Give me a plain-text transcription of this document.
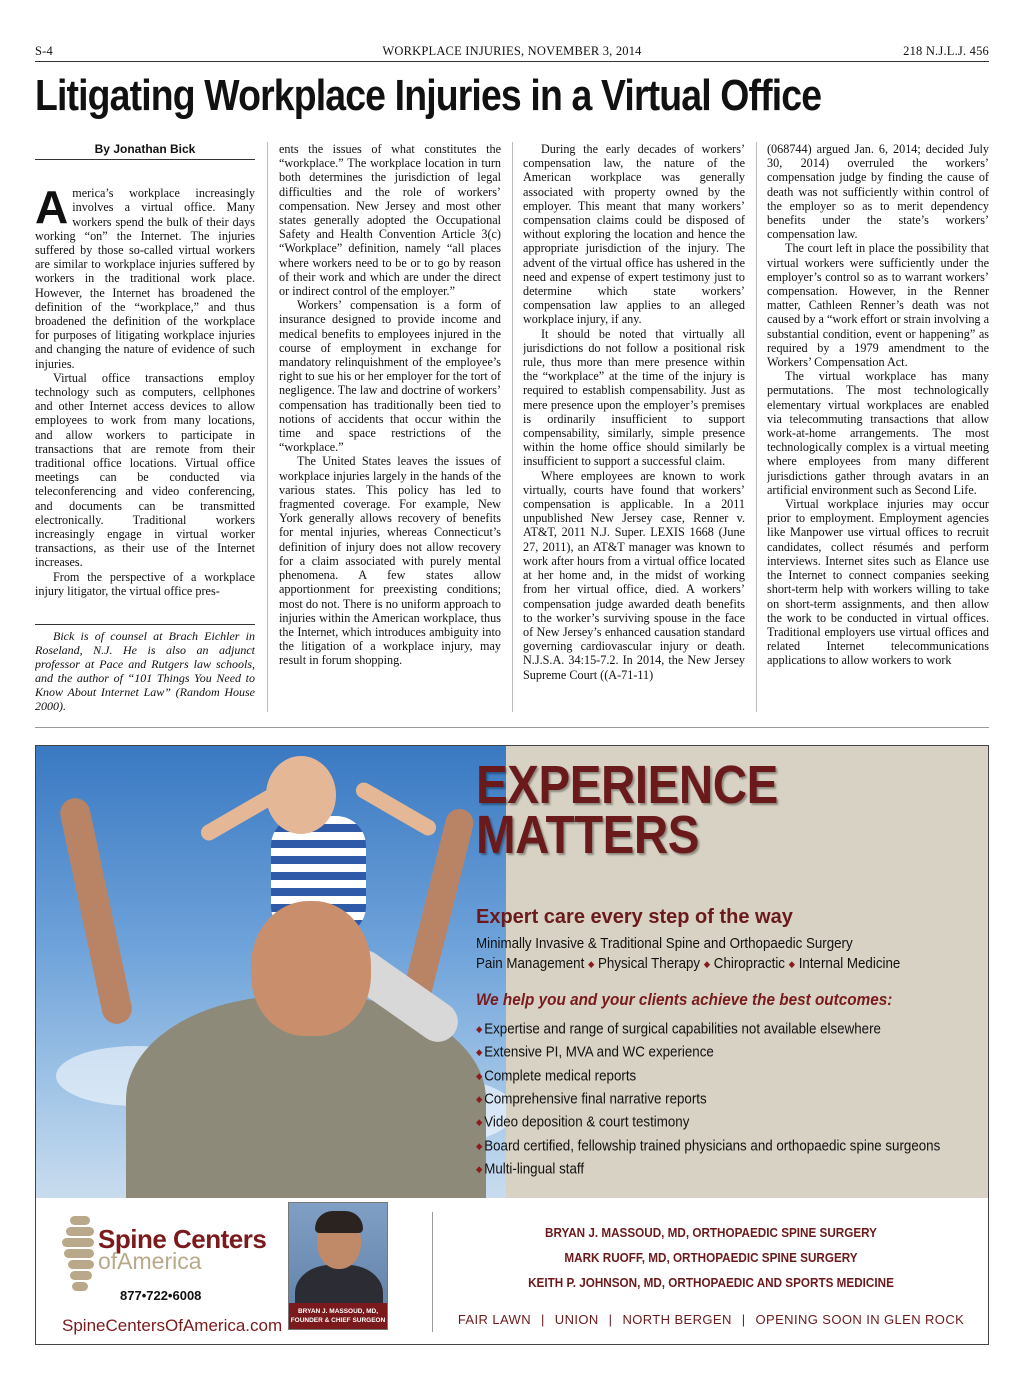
S-4	WORKPLACE INJURIES, NOVEMBER 3, 2014	218 N.J.L.J. 456
Litigating Workplace Injuries in a Virtual Office
By Jonathan Bick

America’s workplace increasingly involves a virtual office. Many workers spend the bulk of their days working “on” the Internet. The injuries suffered by those so-called virtual workers are similar to workplace injuries suffered by workers in the traditional work place. However, the Internet has broadened the definition of the “workplace,” and thus broadened the definition of the workplace for purposes of litigating workplace injuries and changing the nature of evidence of such injuries.

Virtual office transactions employ technology such as computers, cellphones and other Internet access devices to allow employees to work from many locations, and allow workers to participate in transactions that are remote from their traditional office locations. Virtual office meetings can be conducted via teleconferencing and video conferencing, and documents can be transmitted electronically. Traditional workers increasingly engage in virtual worker transactions, as their use of the Internet increases.

From the perspective of a workplace injury litigator, the virtual office pres-

Bick is of counsel at Brach Eichler in Roseland, N.J. He is also an adjunct professor at Pace and Rutgers law schools, and the author of “101 Things You Need to Know About Internet Law” (Random House 2000).

ents the issues of what constitutes the “workplace.” The workplace location in turn both determines the jurisdiction of legal difficulties and the role of workers’ compensation. New Jersey and most other states generally adopted the Occupational Safety and Health Convention Article 3(c) “Workplace” definition, namely “all places where workers need to be or to go by reason of their work and which are under the direct or indirect control of the employer.”

Workers’ compensation is a form of insurance designed to provide income and medical benefits to employees injured in the course of employment in exchange for mandatory relinquishment of the employee’s right to sue his or her employer for the tort of negligence. The law and doctrine of workers’ compensation has traditionally been tied to notions of accidents that occur within the time and space restrictions of the “workplace.”

The United States leaves the issues of workplace injuries largely in the hands of the various states. This policy has led to fragmented coverage. For example, New York generally allows recovery of benefits for mental injuries, whereas Connecticut’s definition of injury does not allow recovery for a claim associated with purely mental phenomena. A few states allow apportionment for preexisting conditions; most do not. There is no uniform approach to injuries within the American workplace, thus the Internet, which introduces ambiguity into the litigation of a workplace injury, may result in forum shopping.

During the early decades of workers’ compensation law, the nature of the American workplace was generally associated with property owned by the employer. This meant that many workers’ compensation claims could be disposed of without exploring the location and hence the appropriate jurisdiction of the injury. The advent of the virtual office has ushered in the need and expense of expert testimony just to determine which state workers’ compensation law applies to an alleged workplace injury, if any.

It should be noted that virtually all jurisdictions do not follow a positional risk rule, thus more than mere presence within the “workplace” at the time of the injury is required to establish compensability. Just as mere presence upon the employer’s premises is ordinarily insufficient to support compensability, similarly, simple presence within the home office should similarly be insufficient to support a successful claim.

Where employees are known to work virtually, courts have found that workers’ compensation is applicable. In a 2011 unpublished New Jersey case, Renner v. AT&T, 2011 N.J. Super. LEXIS 1668 (June 27, 2011), an AT&T manager was known to work after hours from a virtual office located at her home and, in the midst of working from her virtual office, died. A workers’ compensation judge awarded death benefits to the worker’s surviving spouse in the face of New Jersey’s enhanced causation standard governing cardiovascular injury or death. N.J.S.A. 34:15-7.2. In 2014, the New Jersey Supreme Court ((A-71-11)

(068744) argued Jan. 6, 2014; decided July 30, 2014) overruled the workers’ compensation judge by finding the cause of death was not sufficiently within control of the employer so as to merit dependency benefits under the state’s workers’ compensation law.

The court left in place the possibility that virtual workers were sufficiently under the employer’s control so as to warrant workers’ compensation. However, in the Renner matter, Cathleen Renner’s death was not caused by a “work effort or strain involving a substantial condition, event or happening” as required by a 1979 amendment to the Workers’ Compensation Act.

The virtual workplace has many permutations. The most technologically elementary virtual workplaces are enabled via telecommuting transactions that allow work-at-home arrangements. The most technologically complex is a virtual meeting where employees from many different jurisdictions gather through avatars in an artificial environment such as Second Life.

Virtual workplace injuries may occur prior to employment. Employment agencies like Manpower use virtual offices to recruit candidates, collect résumés and perform interviews. Internet sites such as Elance use the Internet to connect companies seeking short-term help with workers willing to take on short-term assignments, and then allow the work to be conducted in virtual offices. Traditional employers use virtual offices and related Internet telecommunications applications to allow workers to work

EXPERIENCE
MATTERS
Expert care every step of the way
Minimally Invasive & Traditional Spine and Orthopaedic Surgery
Pain Management ◆ Physical Therapy ◆ Chiropractic ◆ Internal Medicine
We help you and your clients achieve the best outcomes:
◆ Expertise and range of surgical capabilities not available elsewhere
◆ Extensive PI, MVA and WC experience
◆ Complete medical reports
◆ Comprehensive final narrative reports
◆ Video deposition & court testimony
◆ Board certified, fellowship trained physicians and orthopaedic spine surgeons
◆ Multi-lingual staff
Spine Centers
ofAmerica
877•722•6008
SpineCentersOfAmerica.com
BRYAN J. MASSOUD, MD,
FOUNDER & CHIEF SURGEON
BRYAN J. MASSOUD, MD, ORTHOPAEDIC SPINE SURGERY
MARK RUOFF, MD, ORTHOPAEDIC SPINE SURGERY
KEITH P. JOHNSON, MD, ORTHOPAEDIC AND SPORTS MEDICINE
FAIR LAWN | UNION | NORTH BERGEN | OPENING SOON IN GLEN ROCK
